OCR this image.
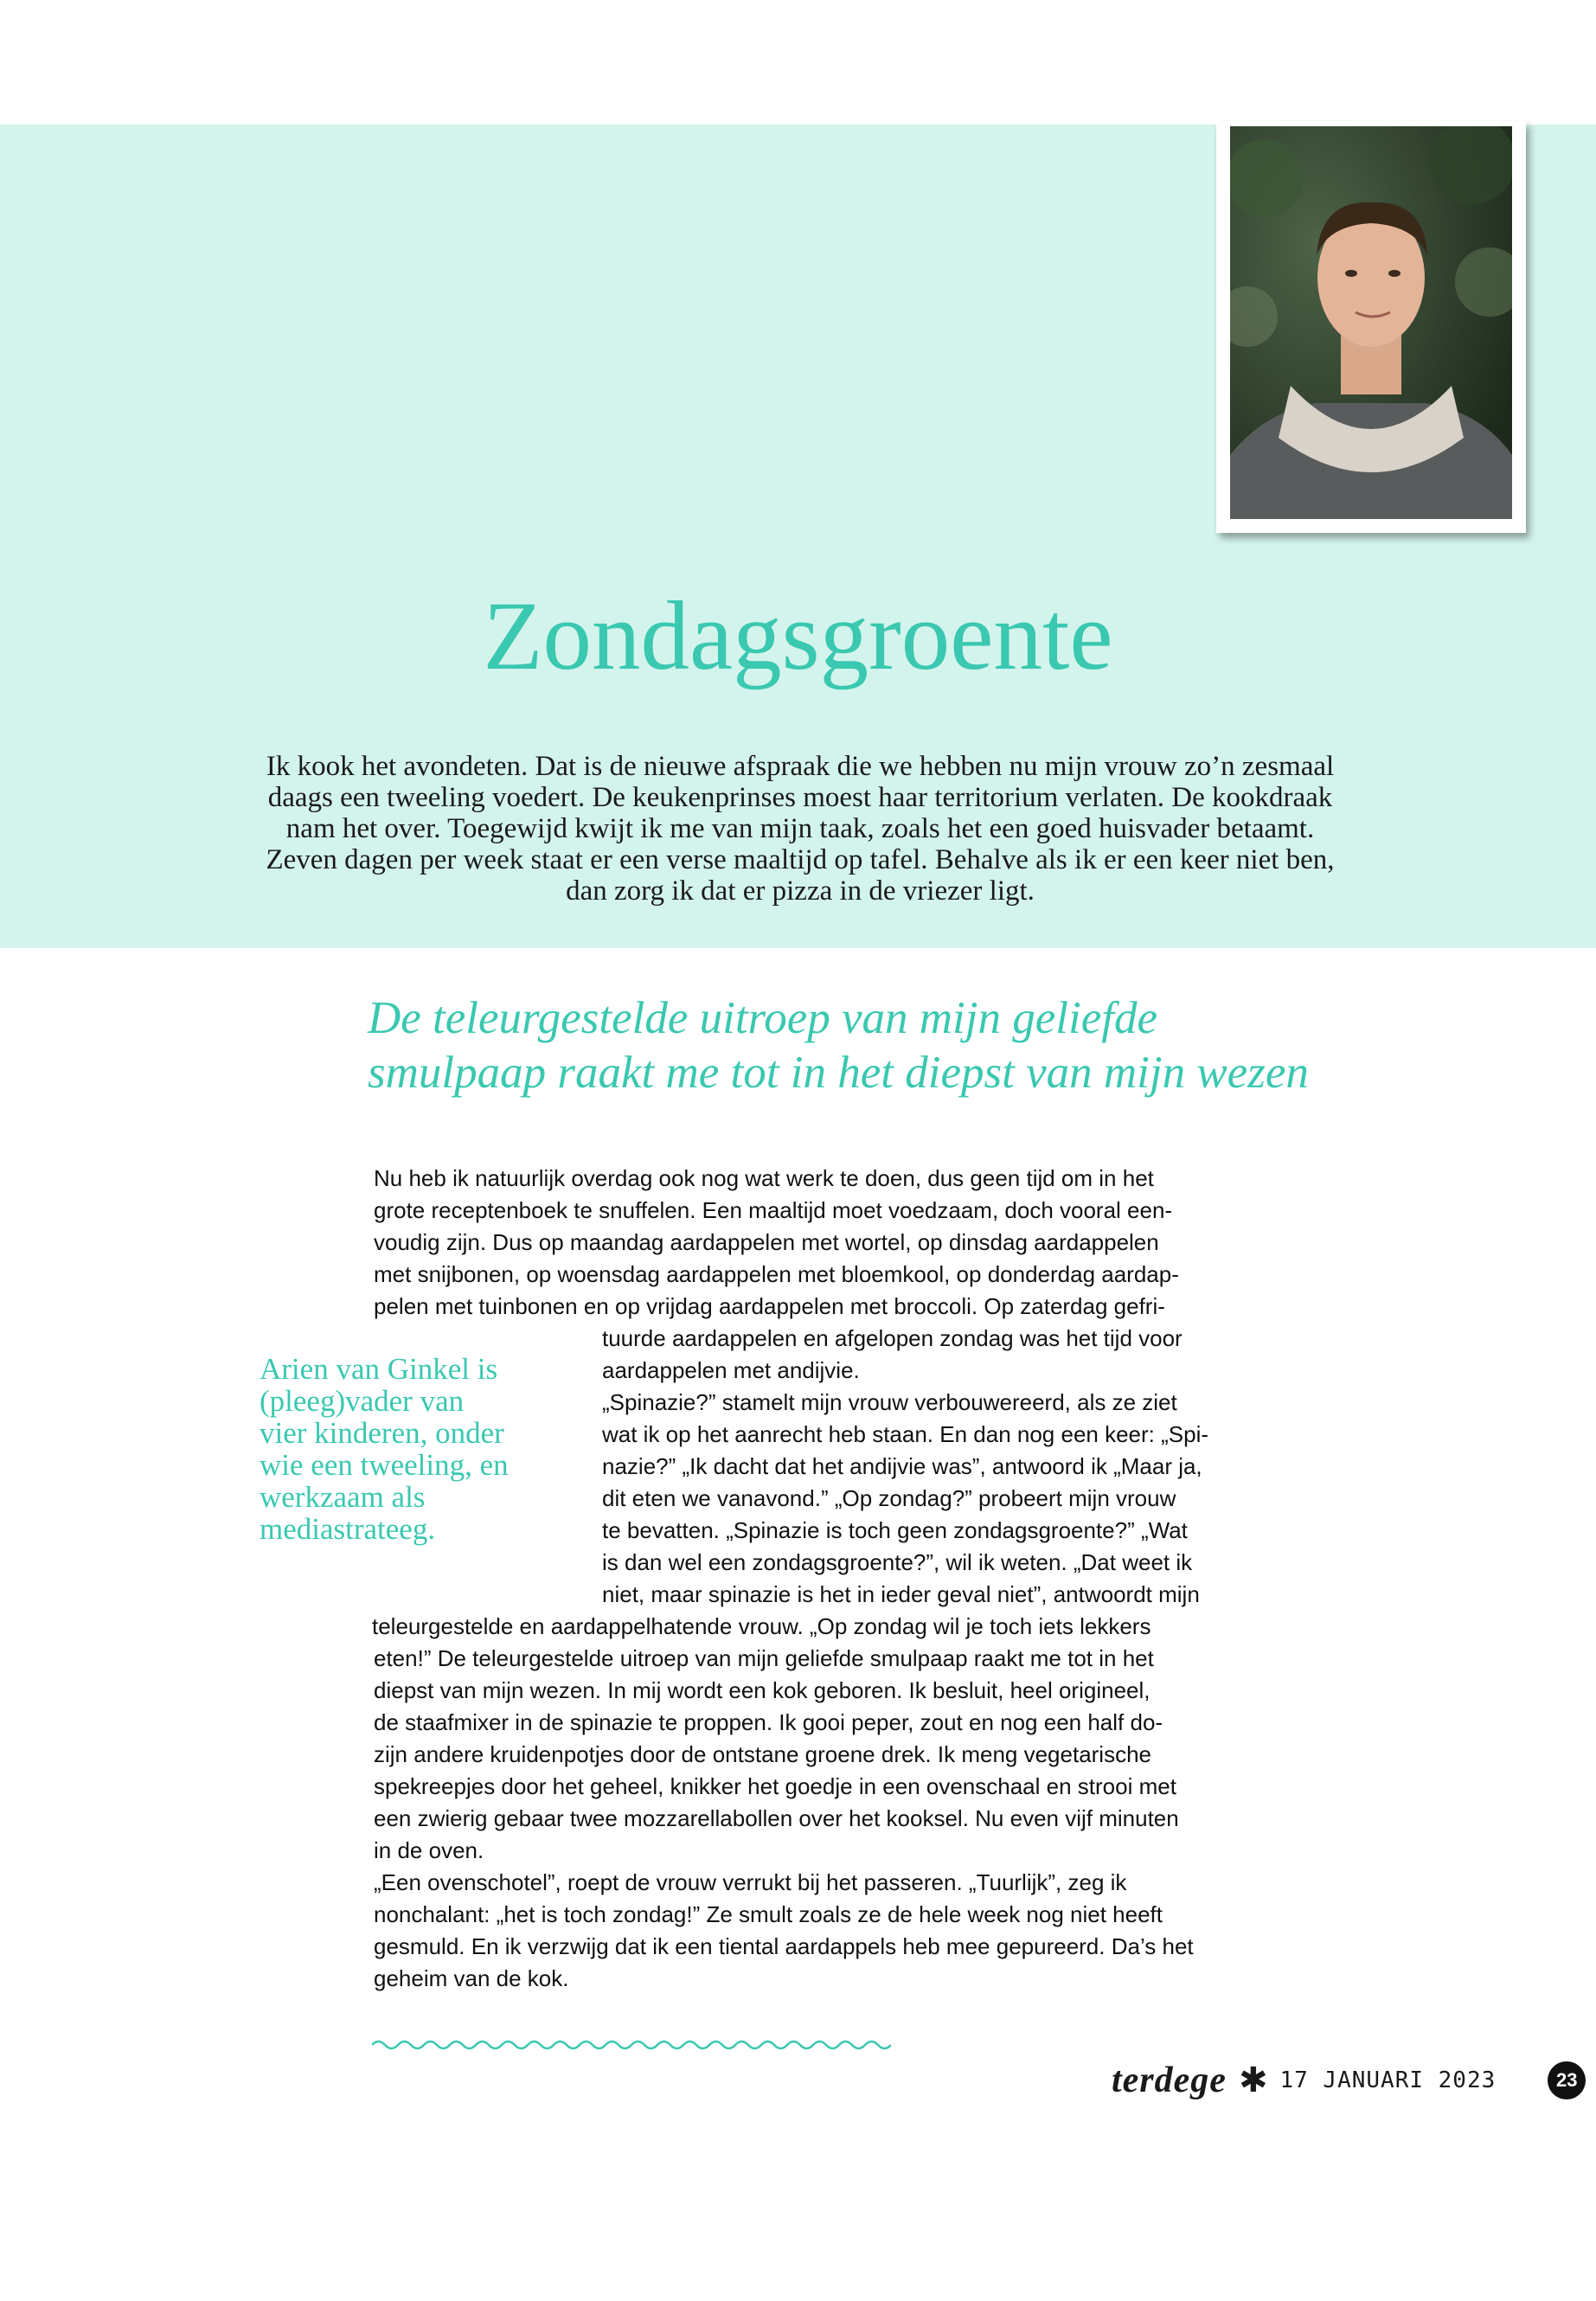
Zondagsgroente

Ik kook het avondeten. Dat is de nieuwe afspraak die we hebben nu mijn vrouw zo’n zesmaal daags een tweeling voedert. De keukenprinses moest haar territorium verlaten. De kookdraak nam het over. Toegewijd kwijt ik me van mijn taak, zoals het een goed huisvader betaamt. Zeven dagen per week staat er een verse maaltijd op tafel. Behalve als ik er een keer niet ben, dan zorg ik dat er pizza in de vriezer ligt.

De teleurgestelde uitroep van mijn geliefde
smulpaap raakt me tot in het diepst van mijn wezen
Nu heb ik natuurlijk overdag ook nog wat werk te doen, dus geen tijd om in het
grote receptenboek te snuffelen. Een maaltijd moet voedzaam, doch vooral een-
voudig zijn. Dus op maandag aardappelen met wortel, op dinsdag aardappelen
met snijbonen, op woensdag aardappelen met bloemkool, op donderdag aardap-
pelen met tuinbonen en op vrijdag aardappelen met broccoli. Op zaterdag gefri-
tuurde aardappelen en afgelopen zondag was het tijd voor
aardappelen met andijvie.
„Spinazie?” stamelt mijn vrouw verbouwereerd, als ze ziet
wat ik op het aanrecht heb staan. En dan nog een keer: „Spi-
nazie?” „Ik dacht dat het andijvie was”, antwoord ik „Maar ja,
dit eten we vanavond.” „Op zondag?” probeert mijn vrouw
te bevatten. „Spinazie is toch geen zondagsgroente?” „Wat
is dan wel een zondagsgroente?”, wil ik weten. „Dat weet ik
niet, maar spinazie is het in ieder geval niet”, antwoordt mijn
teleurgestelde en aardappelhatende vrouw. „Op zondag wil je toch iets lekkers
eten!” De teleurgestelde uitroep van mijn geliefde smulpaap raakt me tot in het
diepst van mijn wezen. In mij wordt een kok geboren. Ik besluit, heel origineel,
de staafmixer in de spinazie te proppen. Ik gooi peper, zout en nog een half do-
zijn andere kruidenpotjes door de ontstane groene drek. Ik meng vegetarische
spekreepjes door het geheel, knikker het goedje in een ovenschaal en strooi met
een zwierig gebaar twee mozzarellabollen over het kooksel. Nu even vijf minuten
in de oven.
„Een ovenschotel”, roept de vrouw verrukt bij het passeren. „Tuurlijk”, zeg ik
nonchalant: „het is toch zondag!” Ze smult zoals ze de hele week nog niet heeft
gesmuld. En ik verzwijg dat ik een tiental aardappels heb mee gepureerd. Da’s het
geheim van de kok.
Arien van Ginkel is
(pleeg)vader van
vier kinderen, onder
wie een tweeling, en
werkzaam als
mediastrateeg.
terdege ✱ 17 JANUARI 2023	23
